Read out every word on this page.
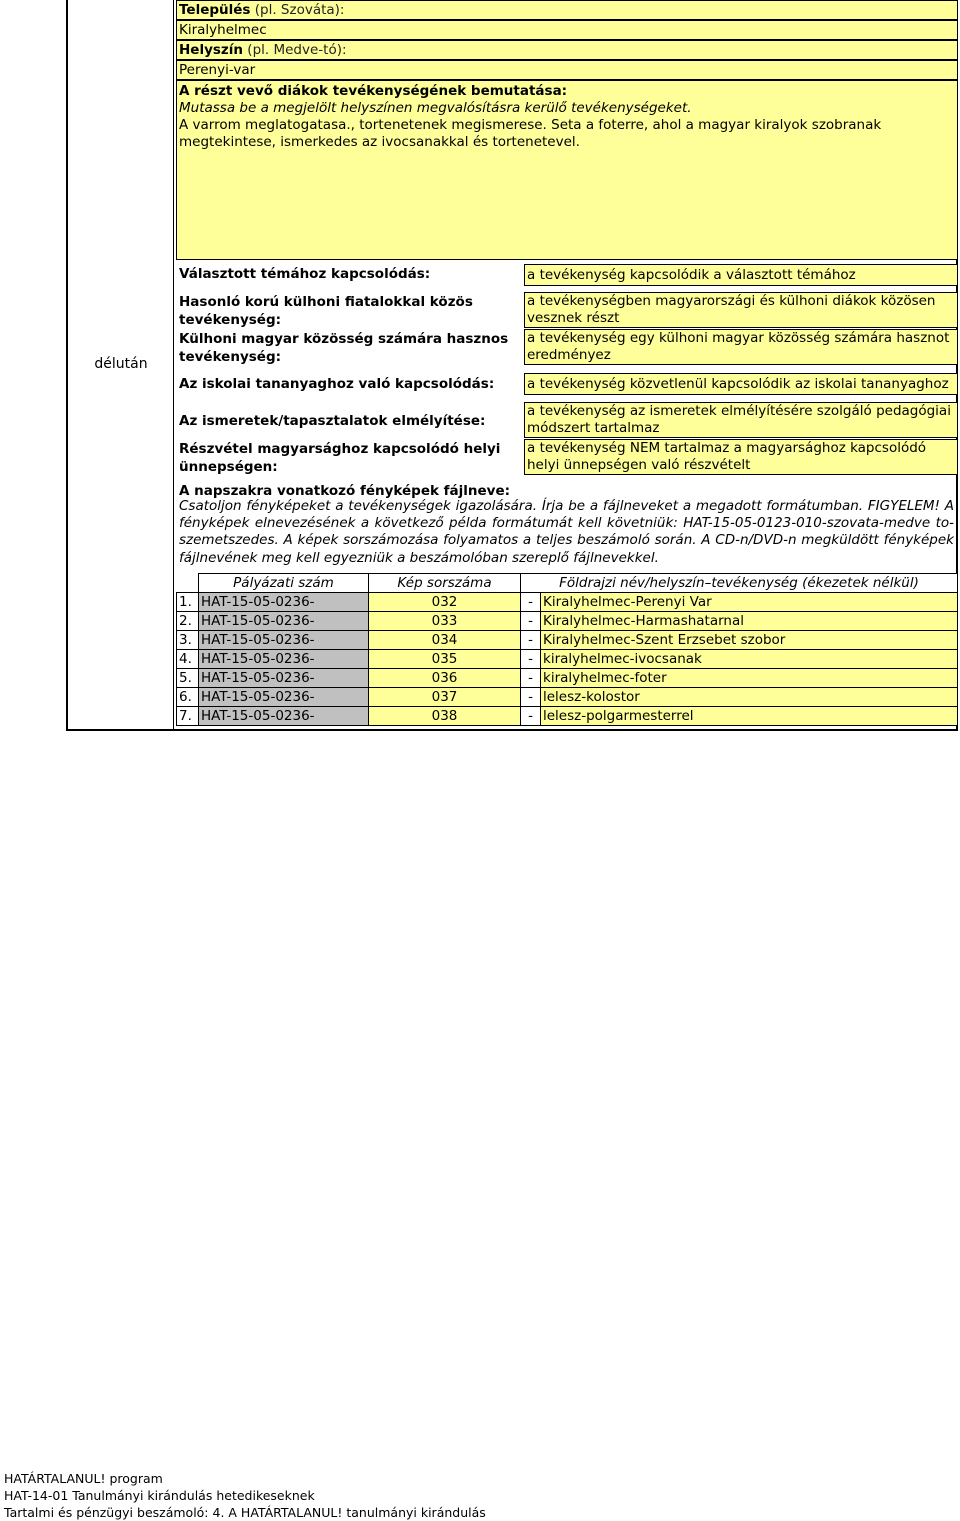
délután
Település (pl. Szováta):
Kiralyhelmec
Helyszín (pl. Medve-tó):
Perenyi-var
A részt vevő diákok tevékenységének bemutatása:
Mutassa be a megjelölt helyszínen megvalósításra kerülő tevékenységeket.
A varrom meglatogatasa., tortenetenek megismerese. Seta a foterre, ahol a magyar kiralyok szobranak megtekintese, ismerkedes az ivocsanakkal és tortenetevel.
Választott témához kapcsolódás:	a tevékenység kapcsolódik a választott témához
Hasonló korú külhoni fiatalokkal közös tevékenység:
a tevékenységben magyarországi és külhoni diákok közösen vesznek részt
Külhoni magyar közösség számára hasznos tevékenység:
a tevékenység egy külhoni magyar közösség számára hasznot eredményez
Az iskolai tananyaghoz való kapcsolódás:	a tevékenység közvetlenül kapcsolódik az iskolai tananyaghoz
Az ismeretek/tapasztalatok elmélyítése:
a tevékenység az ismeretek elmélyítésére szolgáló pedagógiai módszert tartalmaz
Részvétel magyarsághoz kapcsolódó helyi ünnepségen:
a tevékenység NEM tartalmaz a magyarsághoz kapcsolódó helyi ünnepségen való részvételt
A napszakra vonatkozó fényképek fájlneve:
Csatoljon fényképeket a tevékenységek igazolására. Írja be a fájlneveket a megadott formátumban. FIGYELEM! A fényképek elnevezésének a következő példa formátumát kell követniük: HAT-15-05-0123-010-szovata-medve to-szemetszedes. A képek sorszámozása folyamatos a teljes beszámoló során. A CD-n/DVD-n megküldött fényképek fájlnevének meg kell egyezniük a beszámolóban szereplő fájlnevekkel.
	Pályázati szám	Kép sorszáma	Földrajzi név/helyszín–tevékenység (ékezetek nélkül)	
1.	HAT-15-05-0236-	032	-	Kiralyhelmec-Perenyi Var
2.	HAT-15-05-0236-	033	-	Kiralyhelmec-Harmashatarnal
3.	HAT-15-05-0236-	034	-	Kiralyhelmec-Szent Erzsebet szobor
4.	HAT-15-05-0236-	035	-	kiralyhelmec-ivocsanak
5.	HAT-15-05-0236-	036	-	kiralyhelmec-foter
6.	HAT-15-05-0236-	037	-	lelesz-kolostor
7.	HAT-15-05-0236-	038	-	lelesz-polgarmesterrel
HATÁRTALANUL! program
HAT-14-01 Tanulmányi kirándulás hetedikeseknek
Tartalmi és pénzügyi beszámoló: 4. A HATÁRTALANUL! tanulmányi kirándulás
